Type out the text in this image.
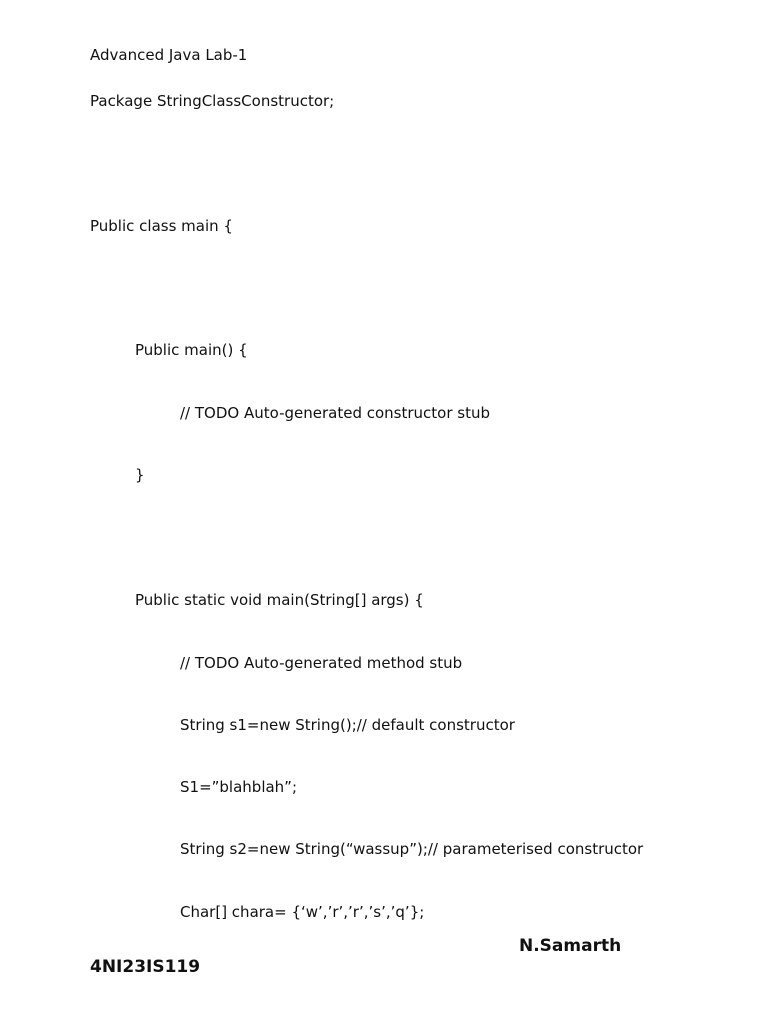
Advanced Java Lab-1
Package StringClassConstructor;
Public class main {
Public main() {
// TODO Auto-generated constructor stub
}
Public static void main(String[] args) {
// TODO Auto-generated method stub
String s1=new String();// default constructor
S1=”blahblah”;
String s2=new String(“wassup”);// parameterised constructor
Char[] chara= {‘w’,’r’,’r’,’s’,’q’};
N.Samarth
4NI23IS119
